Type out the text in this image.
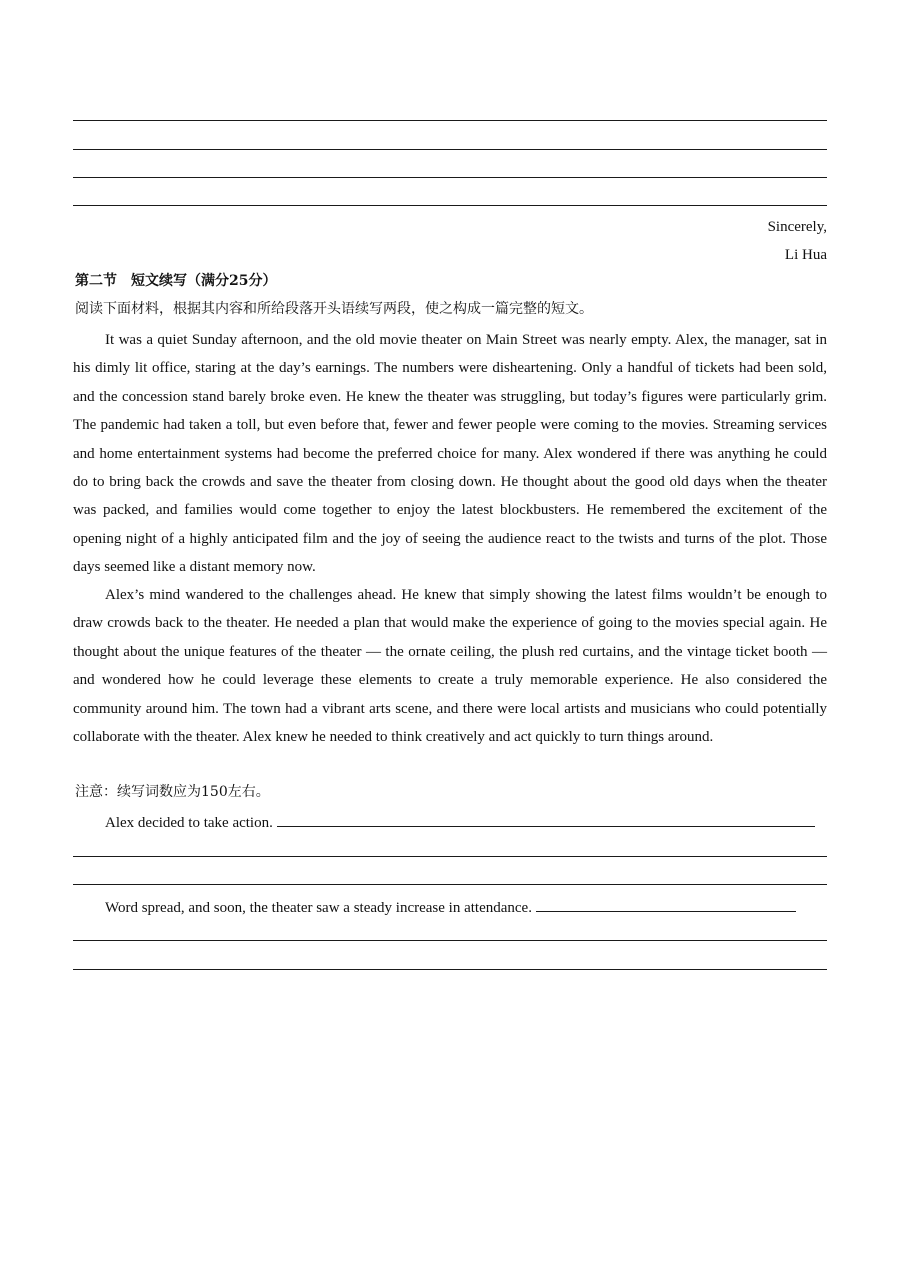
Sincerely,
Li Hua
第二节　短文续写（满分25分）
阅读下面材料，根据其内容和所给段落开头语续写两段，使之构成一篇完整的短文。
It was a quiet Sunday afternoon, and the old movie theater on Main Street was nearly empty. Alex, the manager, sat in his dimly lit office, staring at the day’s earnings. The numbers were disheartening. Only a handful of tickets had been sold, and the concession stand barely broke even. He knew the theater was struggling, but today’s figures were particularly grim. The pandemic had taken a toll, but even before that, fewer and fewer people were coming to the movies. Streaming services and home entertainment systems had become the preferred choice for many. Alex wondered if there was anything he could do to bring back the crowds and save the theater from closing down. He thought about the good old days when the theater was packed, and families would come together to enjoy the latest blockbusters. He remembered the excitement of the opening night of a highly anticipated film and the joy of seeing the audience react to the twists and turns of the plot. Those days seemed like a distant memory now.
Alex’s mind wandered to the challenges ahead. He knew that simply showing the latest films wouldn’t be enough to draw crowds back to the theater. He needed a plan that would make the experience of going to the movies special again. He thought about the unique features of the theater — the ornate ceiling, the plush red curtains, and the vintage ticket booth — and wondered how he could leverage these elements to create a truly memorable experience. He also considered the community around him. The town had a vibrant arts scene, and there were local artists and musicians who could potentially collaborate with the theater. Alex knew he needed to think creatively and act quickly to turn things around.
注意：续写词数应为150左右。
Alex decided to take action.
Word spread, and soon, the theater saw a steady increase in attendance.
